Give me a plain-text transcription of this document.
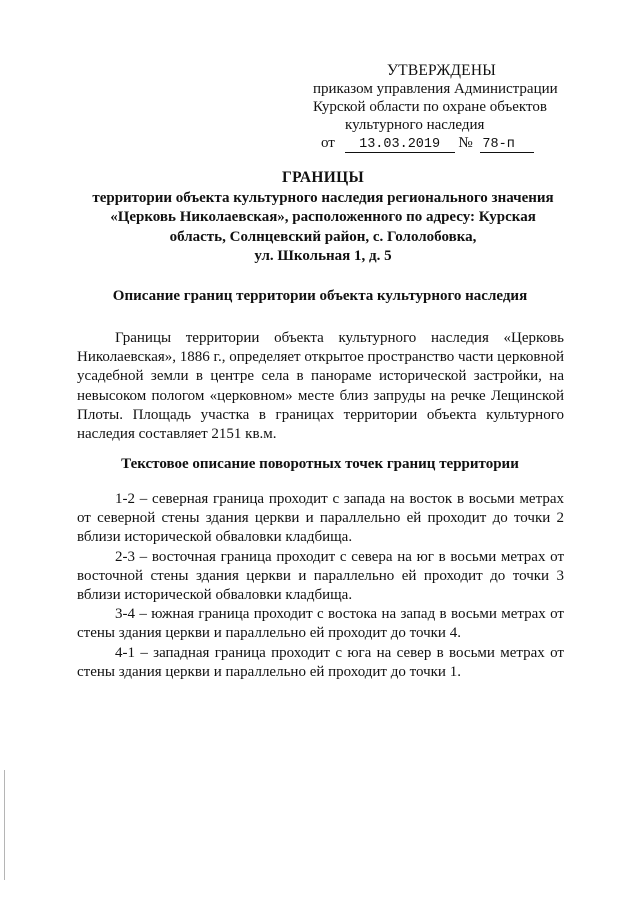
УТВЕРЖДЕНЫ
приказом управления Администрации
Курской области по охране объектов
культурного наследия
от 13.03.2019 № 78-п
ГРАНИЦЫ
территории объекта культурного наследия регионального значения
«Церковь Николаевская», расположенного по адресу: Курская
область, Солнцевский район, с. Гололобовка,
ул. Школьная 1, д. 5
Описание границ территории объекта культурного наследия
Границы территории объекта культурного наследия «Церковь Николаевская», 1886 г., определяет открытое пространство части церковной усадебной земли в центре села в панораме исторической застройки, на невысоком пологом «церковном» месте близ запруды на речке Лещинской Плоты. Площадь участка в границах территории объекта культурного наследия составляет 2151 кв.м.
Текстовое описание поворотных точек границ территории

1-2 – северная граница проходит с запада на восток в восьми метрах от северной стены здания церкви и параллельно ей проходит до точки 2 вблизи исторической обваловки кладбища.

2-3 – восточная граница проходит с севера на юг в восьми метрах от восточной стены здания церкви и параллельно ей проходит до точки 3 вблизи исторической обваловки кладбища.

3-4 – южная граница проходит с востока на запад в восьми метрах от стены здания церкви и параллельно ей проходит до точки 4.

4-1 – западная граница проходит с юга на север в восьми метрах от стены здания церкви и параллельно ей проходит до точки 1.
